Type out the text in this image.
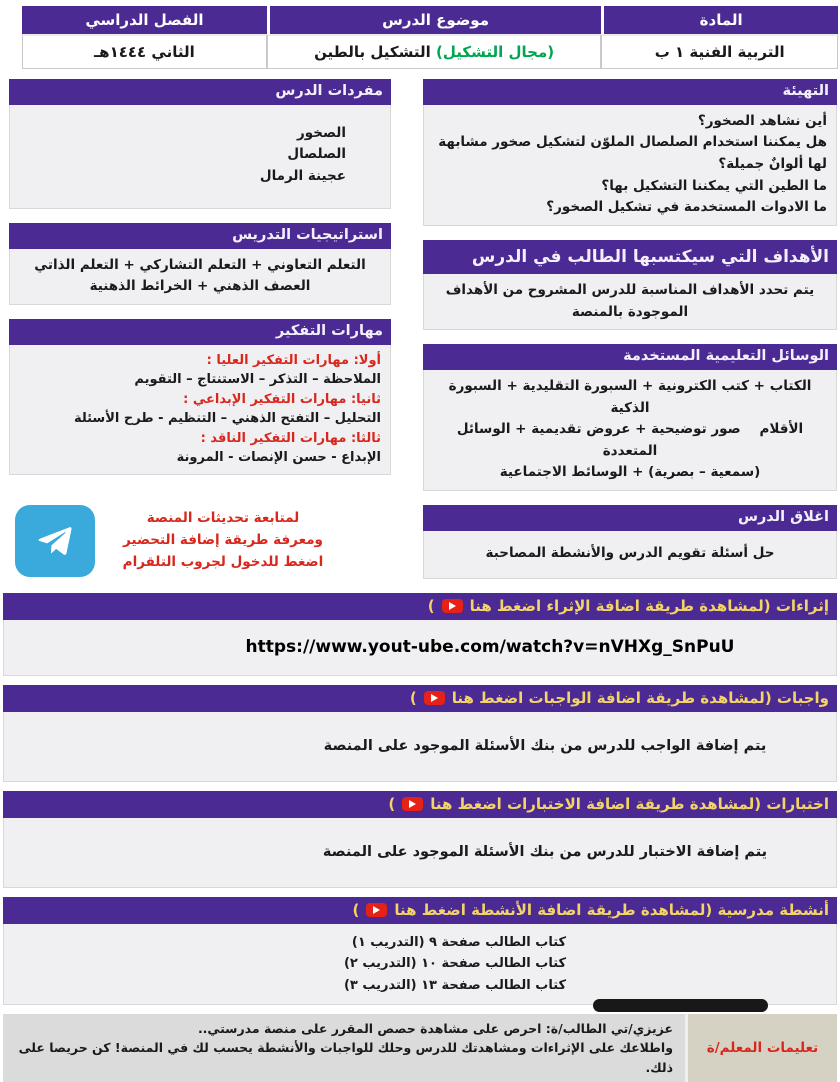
المادة	موضوع الدرس	الفصل الدراسي
التربية الفنية ١ ب	(مجال التشكيل) التشكيل بالطين	الثاني ١٤٤٤هـ
التهيئة
أين نشاهد الصخور؟
هل يمكننا استخدام الصلصال الملوّن لتشكيل صخور مشابهة لها ألوانٌ جميلة؟
ما الطين التي يمكننا التشكيل بها؟
ما الادوات المستخدمة في تشكيل الصخور؟
الأهداف التي سيكتسبها الطالب في الدرس
يتم تحدد الأهداف المناسبة للدرس المشروح من الأهداف الموجودة بالمنصة
الوسائل التعليمية المستخدمة
الكتاب + كتب الكترونية + السبورة التقليدية + السبورة الذكية
الأقلام    صور توضيحية + عروض تقديمية + الوسائل المتعددة
(سمعية – بصرية) + الوسائط الاجتماعية
اغلاق الدرس
حل أسئلة تقويم الدرس والأنشطة المصاحبة
مفردات الدرس
الصخور
الصلصال
عجينة الرمال
استراتيجيات التدريس
التعلم التعاوني + التعلم التشاركي + التعلم الذاتي
العصف الذهني + الخرائط الذهنية
مهارات التفكير
أولا: مهارات التفكير العليا :
الملاحظة – التذكر – الاستنتاج – التقويم
ثانيا: مهارات التفكير الإبداعي :
التحليل – التفتح الذهني – التنظيم - طرح الأسئلة
ثالثا: مهارات التفكير الناقد :
الإبداع - حسن الإنصات - المرونة
لمتابعة تحديثات المنصة
ومعرفة طريقة إضافة التحضير
اضغط للدخول لجروب التلقرام
إثراءات (لمشاهدة طريقة اضافة الإثراء اضغط هنا
)
https://www.yout-ube.com/watch?v=nVHXg_SnPuU
واجبات (لمشاهدة طريقة اضافة الواجبات اضغط هنا
)
يتم إضافة الواجب للدرس من بنك الأسئلة الموجود على المنصة
اختبارات (لمشاهدة طريقة اضافة الاختبارات اضغط هنا
)
يتم إضافة الاختبار للدرس من بنك الأسئلة الموجود على المنصة
أنشطة مدرسية (لمشاهدة طريقة اضافة الأنشطة اضغط هنا
)
كتاب الطالب صفحة ٩ (التدريب ١)
كتاب الطالب صفحة ١٠ (التدريب ٢)
كتاب الطالب صفحة ١٣ (التدريب ٣)
تعليمات المعلم/ة
عزيزي/تي الطالب/ة: احرص على مشاهدة حصص المقرر على منصة مدرستي..
واطلاعك على الإثراءات ومشاهدتك للدرس وحلك للواجبات والأنشطة يحسب لك في المنصة! كن حريصا على ذلك.
